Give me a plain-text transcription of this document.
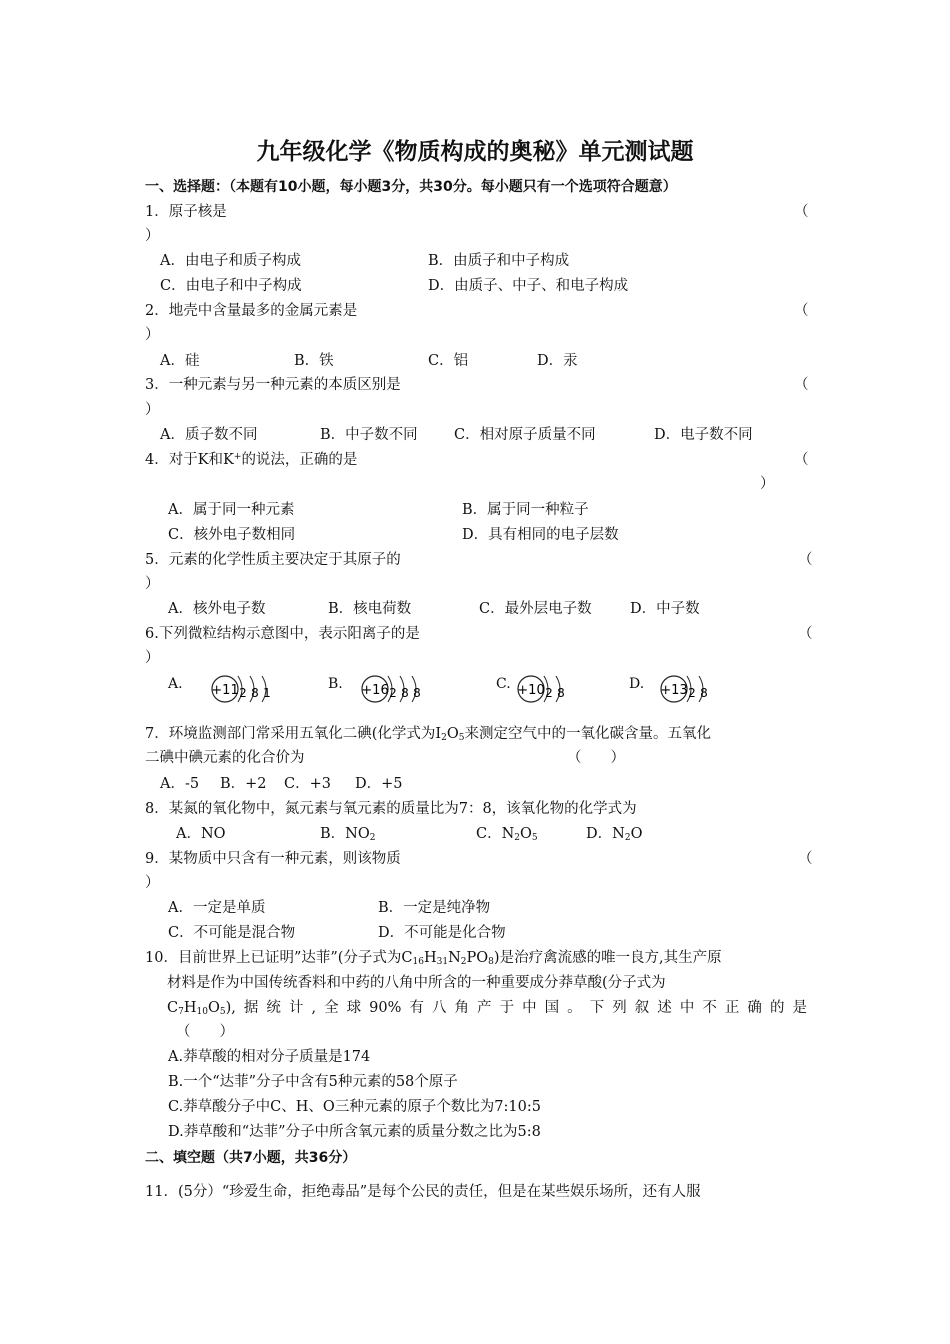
九年级化学《物质构成的奥秘》单元测试题
一、选择题：（本题有10小题，每小题3分，共30分。每小题只有一个选项符合题意）
1．原子核是	（
）
A．由电子和质子构成	B．由质子和中子构成
C．由电子和中子构成	D．由质子、中子、和电子构成
2．地壳中含量最多的金属元素是	（
）
A．硅	B．铁	C．铝	D．汞
3．一种元素与另一种元素的本质区别是	（
）
A．质子数不同	B．中子数不同	C．相对原子质量不同	D．电子数不同
4．对于K和K+的说法，正确的是	（
）
A．属于同一种元素	B．属于同一种粒子
C．核外电子数相同	D．具有相同的电子层数
5．元素的化学性质主要决定于其原子的	（
）
A．核外电子数	B．核电荷数	C．最外层电子数	D．中子数
6.下列微粒结构示意图中，表示阳离子的是	（
）
A. +11 2 8 1
B. +16 2 8 8
C. +10 2 8
D. +13 2 8
7．环境监测部门常采用五氧化二碘(化学式为$I_2O_5$来测定空气中的一氧化碳含量。五氧化
二碘中碘元素的化合价为	（　　）
A．-5 B．+2 C．+3 D．+5
8．某氮的氧化物中，氮元素与氧元素的质量比为7：8，该氧化物的化学式为
A．NO	B．$NO_2$	C．$N_2O_5$	D．$N_2O$
9．某物质中只含有一种元素，则该物质	（
）
A．一定是单质	B．一定是纯净物
C．不可能是混合物	D．不可能是化合物
10．目前世界上已证明”达菲”(分子式为$C_{16}H_{31}N_2PO_8$)是治疗禽流感的唯一良方,其生产原
材料是作为中国传统香料和中药的八角中所含的一种重要成分莽草酸(分子式为
$C_7H_{10}O_5$),据统计,全球90%有八角产于中国。下列叙述中不正确的是
（　　）
A.莽草酸的相对分子质量是174
B.一个“达菲”分子中含有5种元素的58个原子
C.莽草酸分子中C、H、O三种元素的原子个数比为7:10:5
D.莽草酸和“达菲”分子中所含氧元素的质量分数之比为5:8
二、填空题（共7小题，共36分）
11．(5分）“珍爱生命，拒绝毒品”是每个公民的责任，但是在某些娱乐场所，还有人服
